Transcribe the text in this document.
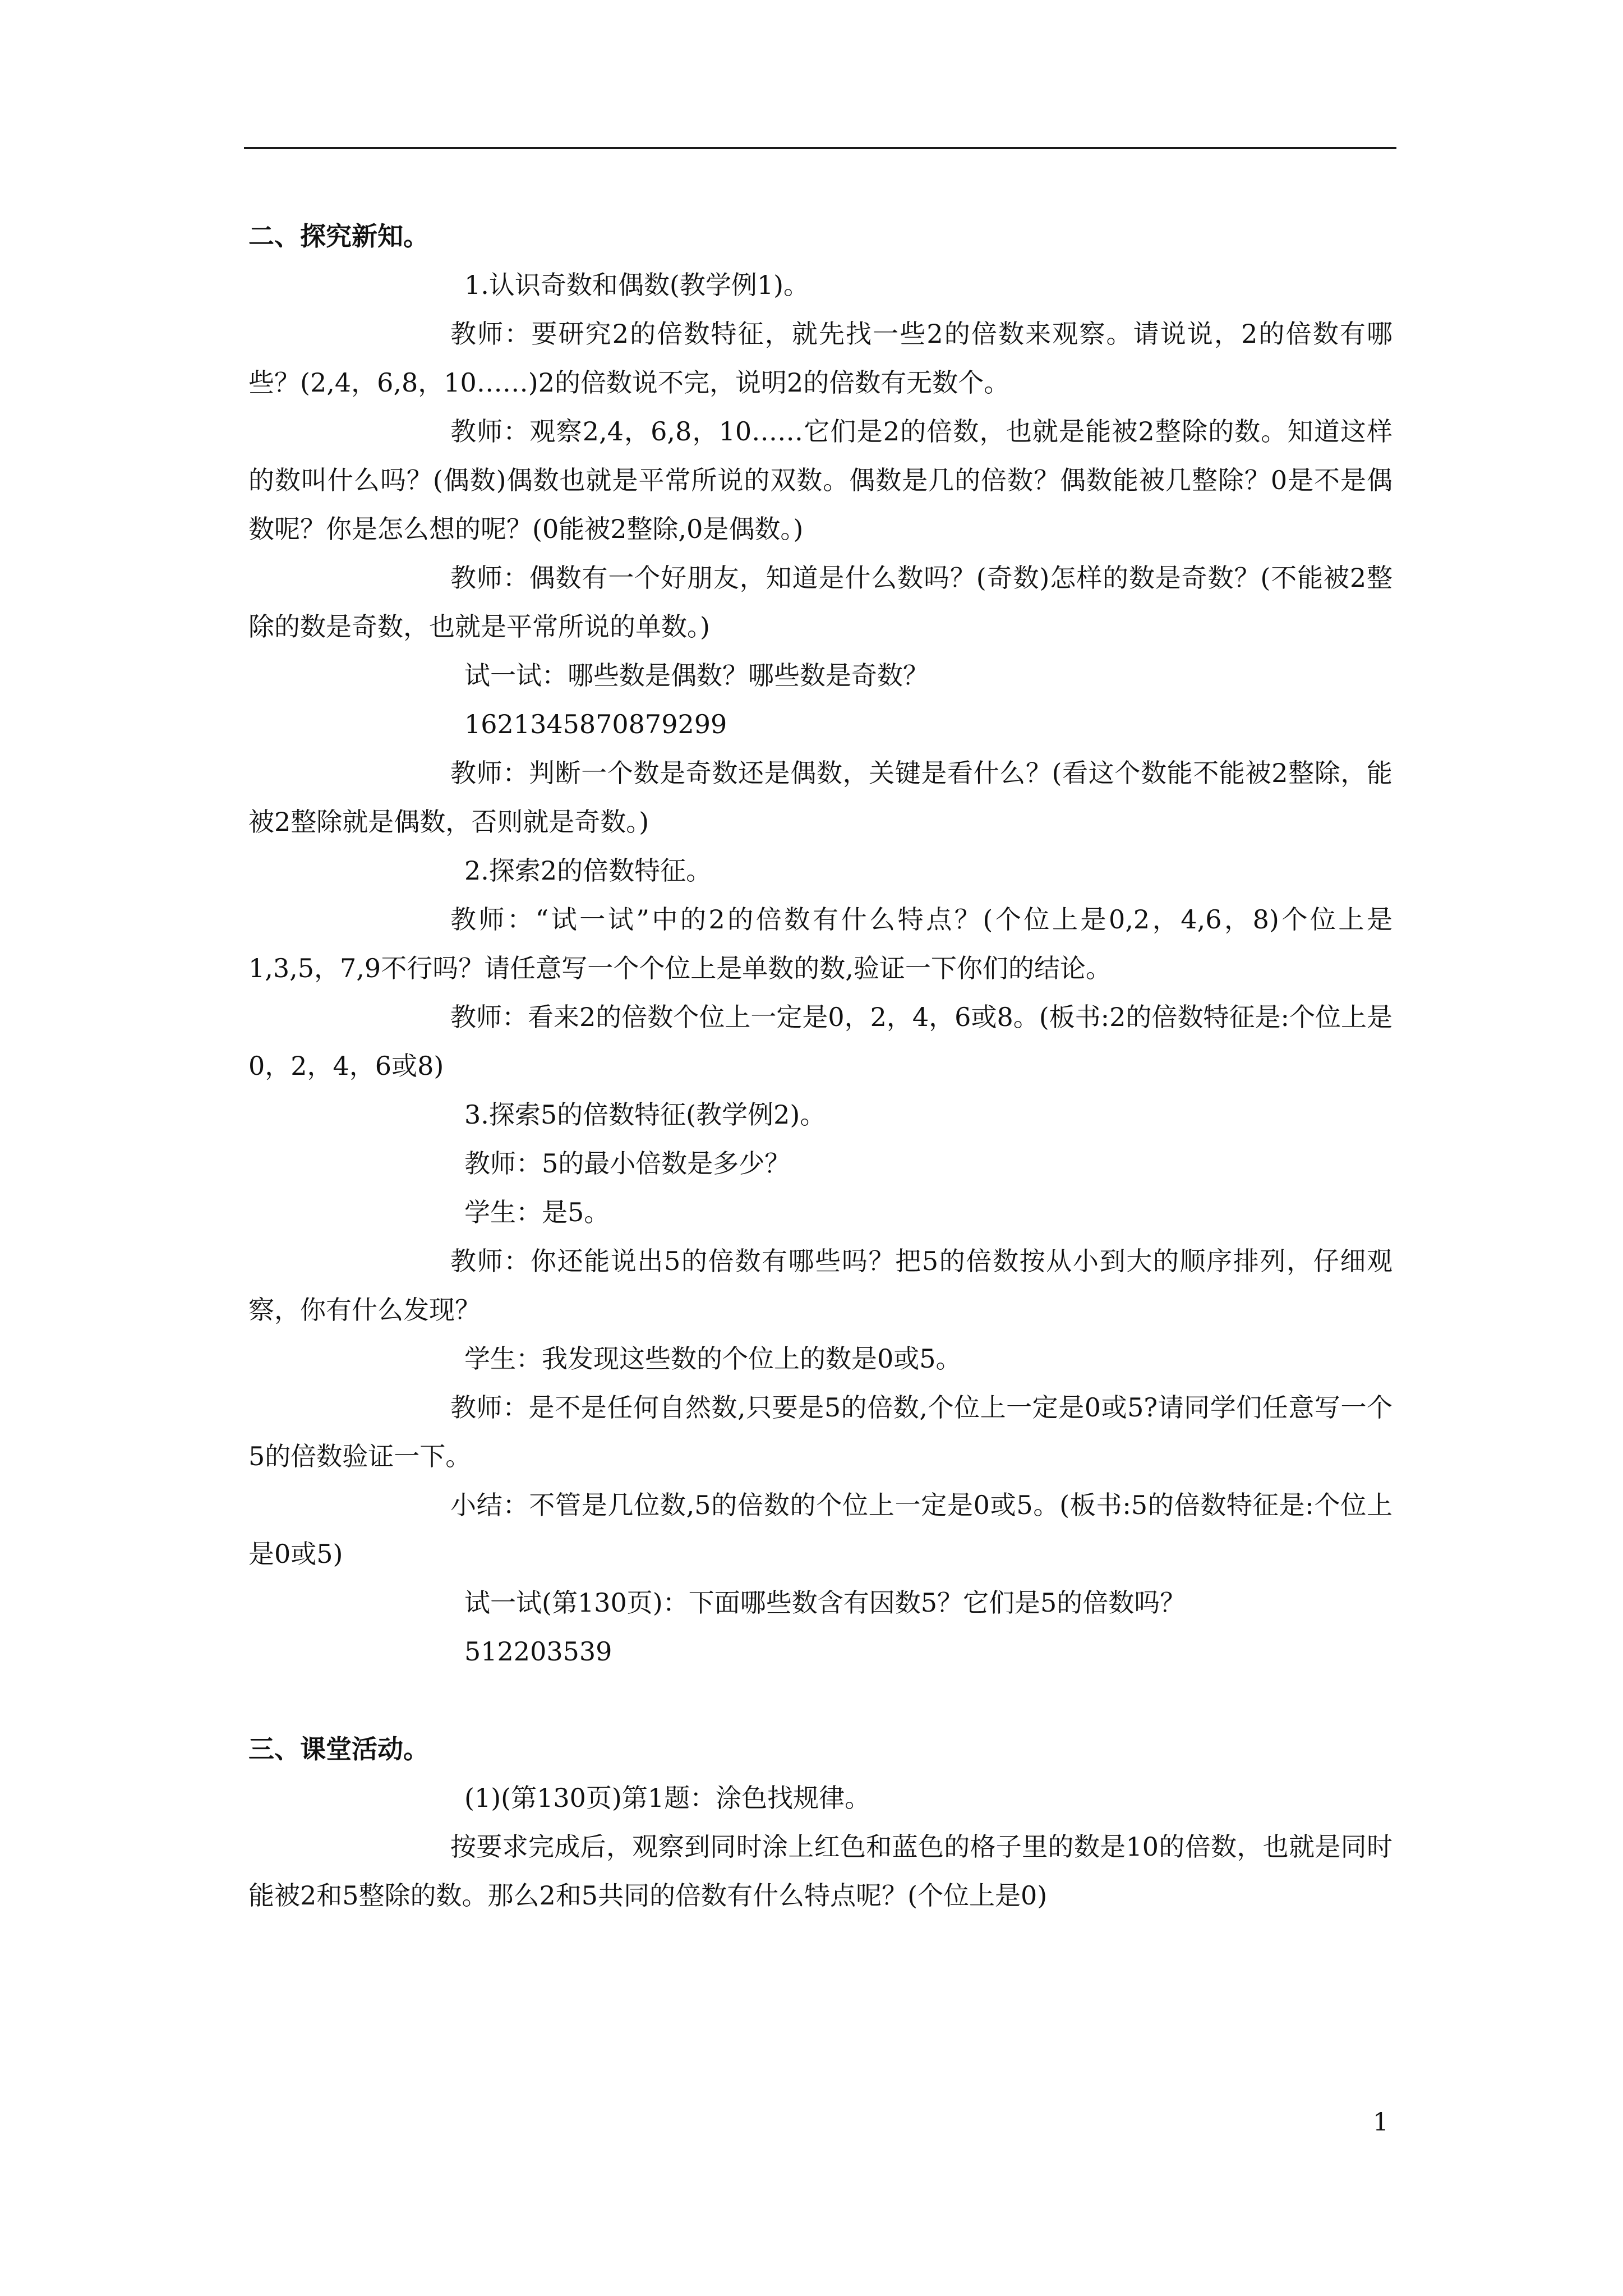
二、探究新知。
1.认识奇数和偶数(教学例1)。
教师：要研究2的倍数特征，就先找一些2的倍数来观察。请说说，2的倍数有哪些？(2,4，6,8，10……)2的倍数说不完，说明2的倍数有无数个。
教师：观察2,4，6,8，10……它们是2的倍数，也就是能被2整除的数。知道这样的数叫什么吗？(偶数)偶数也就是平常所说的双数。偶数是几的倍数？偶数能被几整除？0是不是偶数呢？你是怎么想的呢？(0能被2整除,0是偶数。)
教师：偶数有一个好朋友，知道是什么数吗？(奇数)怎样的数是奇数？(不能被2整除的数是奇数，也就是平常所说的单数。)
试一试：哪些数是偶数？哪些数是奇数？
1621345870879299
教师：判断一个数是奇数还是偶数，关键是看什么？(看这个数能不能被2整除，能被2整除就是偶数，否则就是奇数。)
2.探索2的倍数特征。
教师：“试一试”中的2的倍数有什么特点？(个位上是0,2，4,6，8)个位上是1,3,5，7,9不行吗？请任意写一个个位上是单数的数,验证一下你们的结论。
教师：看来2的倍数个位上一定是0，2，4，6或8。(板书:2的倍数特征是:个位上是0，2，4，6或8)
3.探索5的倍数特征(教学例2)。
教师：5的最小倍数是多少？
学生：是5。
教师：你还能说出5的倍数有哪些吗？把5的倍数按从小到大的顺序排列，仔细观察，你有什么发现？
学生：我发现这些数的个位上的数是0或5。
教师：是不是任何自然数,只要是5的倍数,个位上一定是0或5?请同学们任意写一个5的倍数验证一下。
小结：不管是几位数,5的倍数的个位上一定是0或5。(板书:5的倍数特征是:个位上是0或5)
试一试(第130页)：下面哪些数含有因数5？它们是5的倍数吗？
512203539
三、课堂活动。
(1)(第130页)第1题：涂色找规律。
按要求完成后，观察到同时涂上红色和蓝色的格子里的数是10的倍数，也就是同时能被2和5整除的数。那么2和5共同的倍数有什么特点呢？(个位上是0)
1
